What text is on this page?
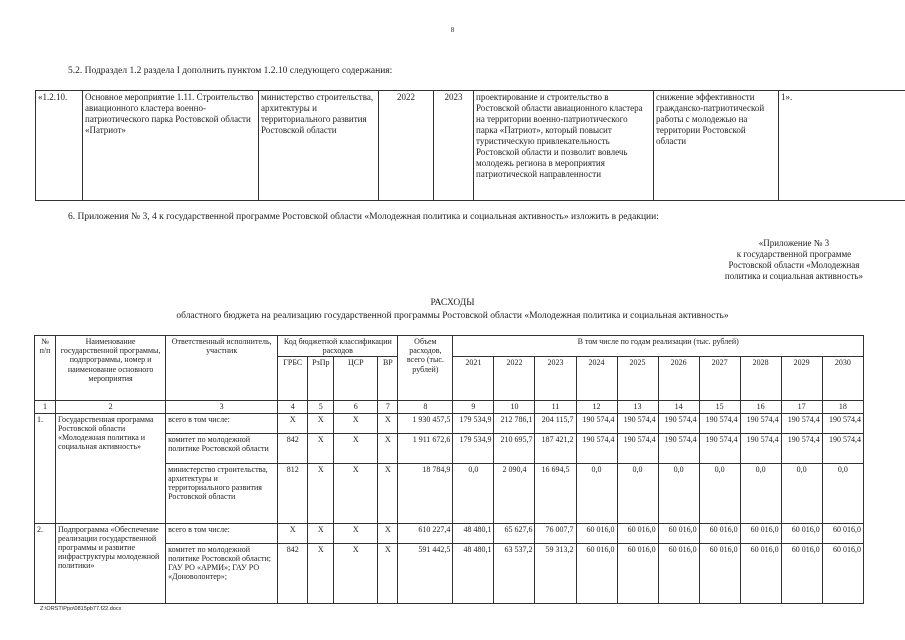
8
5.2. Подраздел 1.2 раздела I дополнить пунктом 1.2.10 следующего содержания:
«1.2.10.	Основное мероприятие 1.11. Строительство авиационного кластера военно-патриотического парка Ростовской области «Патриот»	министерство строительства, архитектуры и территориального развития Ростовской области	2022	2023	проектирование и строительство в Ростовской области авиационного кластера на территории военно-патриотического парка «Патриот», который повысит туристическую привлекательность Ростовской области и позволит вовлечь молодежь региона в мероприятия патриотической направленности	снижение эффективности гражданско-патриотической работы с молодежью на территории Ростовской области	1».
6. Приложения № 3, 4 к государственной программе Ростовской области «Молодежная политика и социальная активность» изложить в редакции:
«Приложение № 3
к государственной программе
Ростовской области «Молодежная
политика и социальная активность»
РАСХОДЫ
областного бюджета на реализацию государственной программы Ростовской области «Молодежная политика и социальная активность»
№ п/п	Наименование государственной программы, подпрограммы, номер и наименование основного мероприятия	Ответственный исполнитель, участник	Код бюджетной классификации расходов				Объем расходов, всего (тыс. рублей)	В том числе по годам реализации (тыс. рублей)									
			ГРБС	РзПр	ЦСР	ВР		2021	2022	2023	2024	2025	2026	2027	2028	2029	2030

1	2	3	4	5	6	7	8	9	10	11	12	13	14	15	16	17	18
1.	Государственная программа Ростовской области «Молодежная политика и социальная активность»	всего в том числе:	X	X	X	X	1 930 457,5	179 534,9	212 786,1	204 115,7	190 574,4	190 574,4	190 574,4	190 574,4	190 574,4	190 574,4	190 574,4
		комитет по молодежной политике Ростовской области	842	X	X	X	1 911 672,6	179 534,9	210 695,7	187 421,2	190 574,4	190 574,4	190 574,4	190 574,4	190 574,4	190 574,4	190 574,4
		министерство строительства, архитектуры и территориального развития Ростовской области	812	X	X	X	18 784,9	0,0	2 090,4	16 694,5	0,0	0,0	0,0	0,0	0,0	0,0	0,0
2.	Подпрограмма «Обеспечение реализации государственной программы и развитие инфраструктуры молодежной политики»	всего в том числе:	X	X	X	X	610 227,4	48 480,1	65 627,6	76 007,7	60 016,0	60 016,0	60 016,0	60 016,0	60 016,0	60 016,0	60 016,0
		комитет по молодежной политике Ростовской области; ГАУ РО «АРМИ»; ГАУ РО «Доноволонтер»;	842	X	X	X	591 442,5	48 480,1	63 537,2	59 313,2	60 016,0	60 016,0	60 016,0	60 016,0	60 016,0	60 016,0	60 016,0
Z:\ORST\Ppo\0815pb77.f22.docx
